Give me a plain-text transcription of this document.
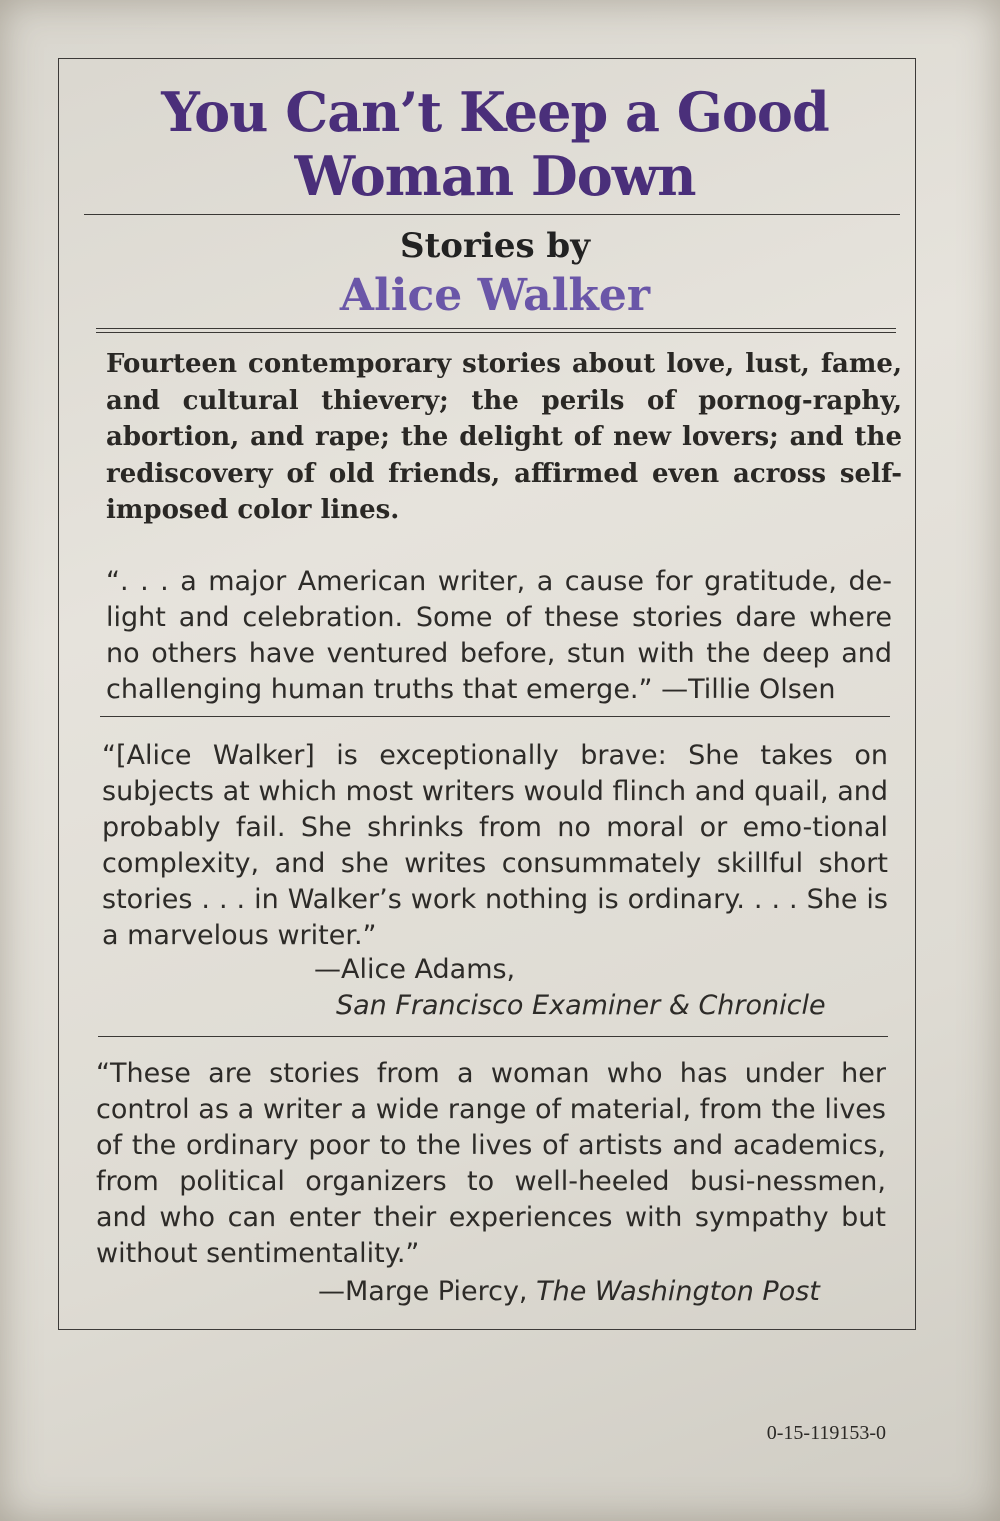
You Can’t Keep a Good Woman Down
Stories by
Alice Walker
Fourteen contemporary stories about love, lust, fame, and cultural thievery; the perils of pornog-raphy, abortion, and rape; the delight of new lovers; and the rediscovery of old friends, affirmed even across self-imposed color lines.
“. . . a major American writer, a cause for gratitude, de-light and celebration. Some of these stories dare where no others have ventured before, stun with the deep and challenging human truths that emerge.” —Tillie Olsen
“[Alice Walker] is exceptionally brave: She takes on subjects at which most writers would flinch and quail, and probably fail. She shrinks from no moral or emo-tional complexity, and she writes consummately skillful short stories . . . in Walker’s work nothing is ordinary. . . . She is a marvelous writer.”
—Alice Adams,
San Francisco Examiner & Chronicle
“These are stories from a woman who has under her control as a writer a wide range of material, from the lives of the ordinary poor to the lives of artists and academics, from political organizers to well-heeled busi-nessmen, and who can enter their experiences with sympathy but without sentimentality.”
—Marge Piercy, The Washington Post
0-15-119153-0
